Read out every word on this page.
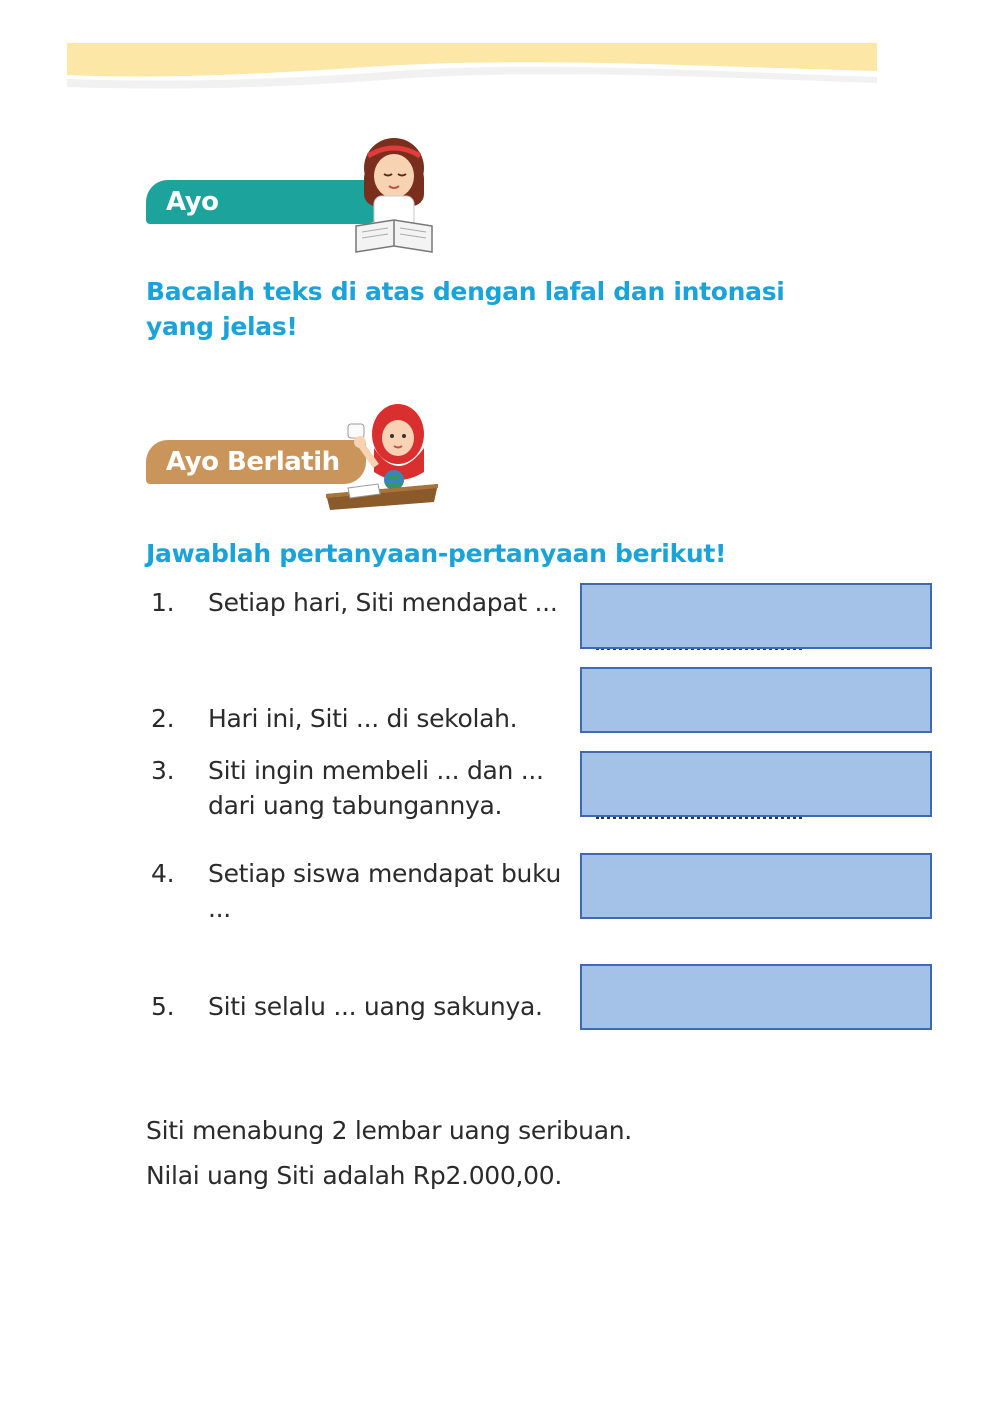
Ayo Membaca
Bacalah teks di atas dengan lafal dan intonasi yang jelas!
Ayo Berlatih
Jawablah pertanyaan-pertanyaan berikut!
1.	Setiap hari, Siti mendapat ...
2.	Hari ini, Siti ... di sekolah.
3.	Siti ingin membeli ... dan ... dari uang tabungannya.
4.	Setiap siswa mendapat buku ...
5.	Siti selalu ... uang sakunya.
Siti menabung 2 lembar uang seribuan.
Nilai uang Siti adalah Rp2.000,00.
